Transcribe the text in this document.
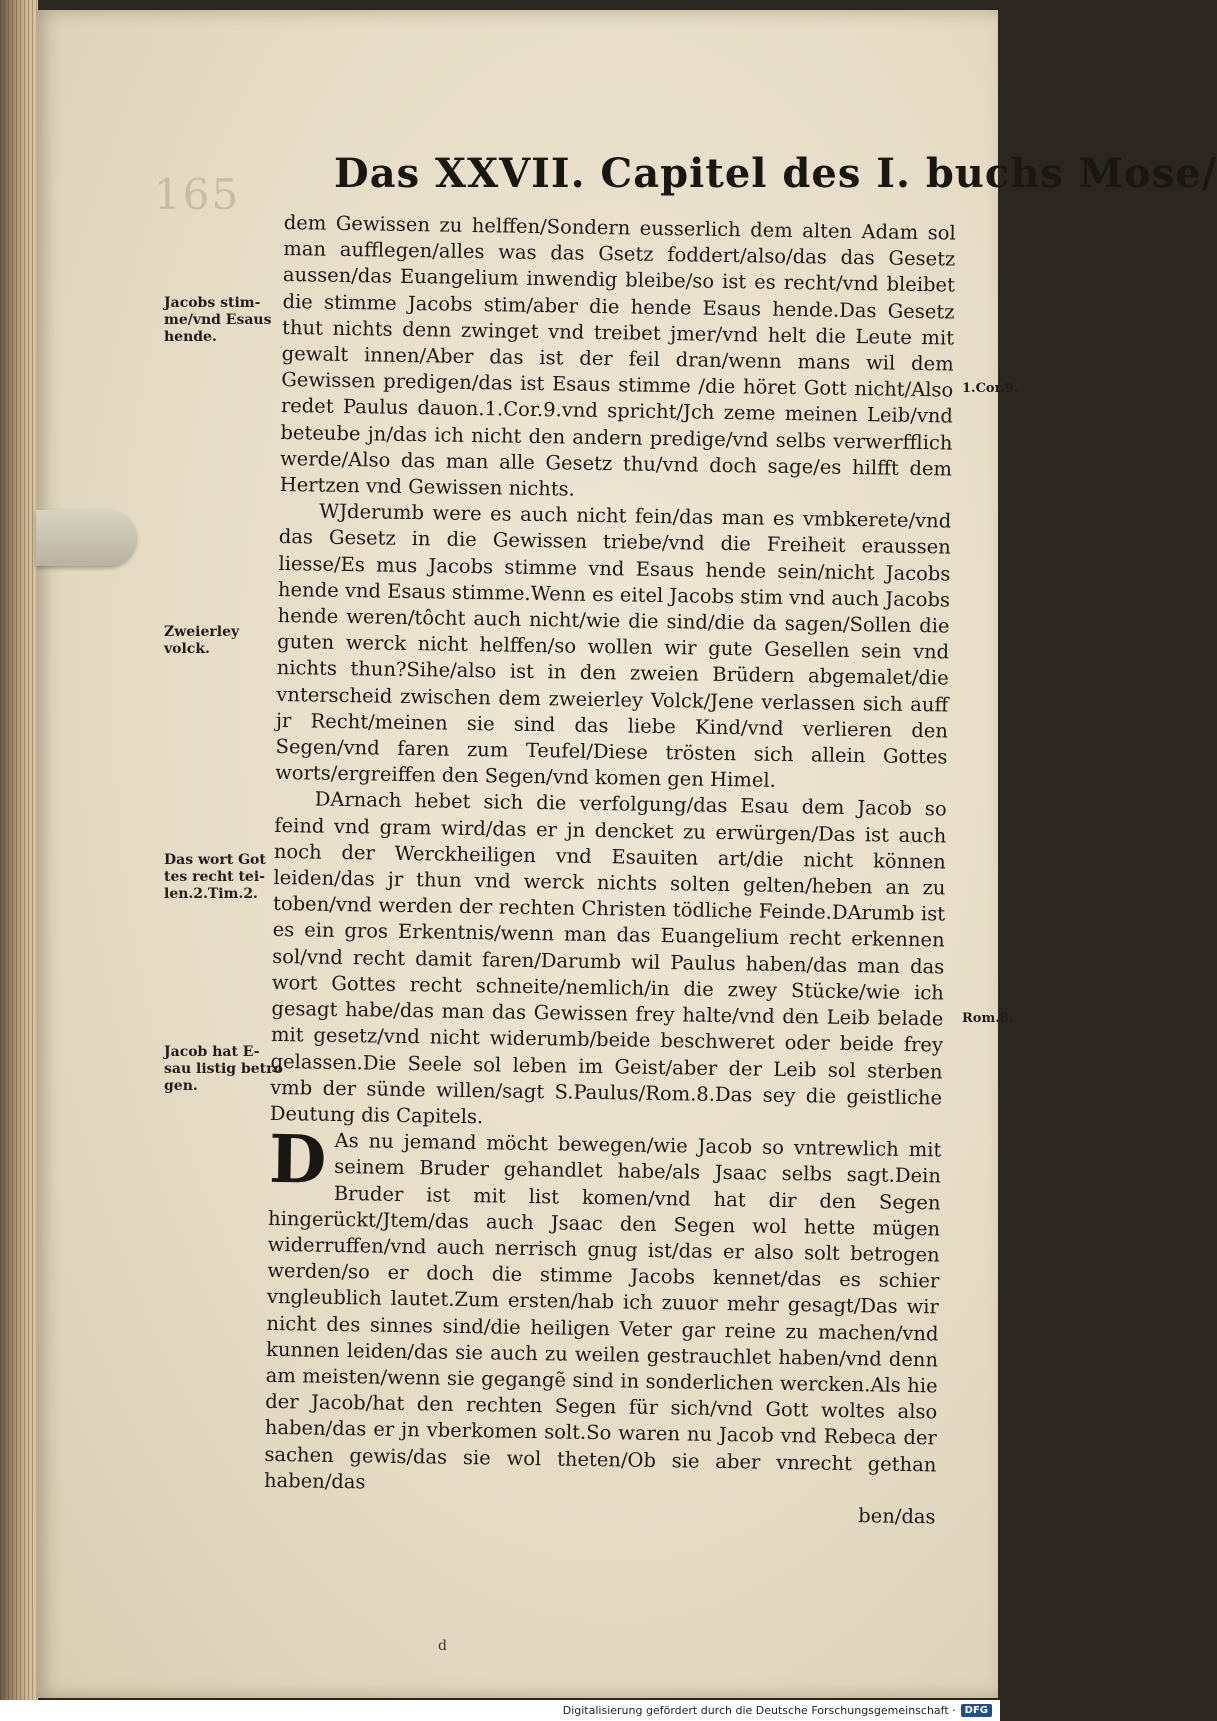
165 Das XXVII. Capitel des I. buchs Mose/
Jacobs stim-
me/vnd Esaus
hende.
Zweierley
volck.
Das wort Got
tes recht tei-
len.2.Tim.2.
Jacob hat E-
sau listig betro
gen.
1.Cor.9.
Rom.8.

dem Gewissen zu helffen/Sondern eusserlich dem alten Adam sol man aufflegen/alles was das Gsetz foddert/also/das das Gesetz aussen/das Euangelium inwendig bleibe/so ist es recht/vnd bleibet die stimme Jacobs stim/aber die hende Esaus hende.Das Gesetz thut nichts denn zwinget vnd treibet jmer/vnd helt die Leute mit gewalt innen/Aber das ist der feil dran/wenn mans wil dem Gewissen predigen/das ist Esaus stimme /die höret Gott nicht/Also redet Paulus dauon.1.Cor.9.vnd spricht/Jch zeme meinen Leib/vnd beteube jn/das ich nicht den andern predige/vnd selbs verwerfflich werde/Also das man alle Gesetz thu/vnd doch sage/es hilfft dem Hertzen vnd Gewissen nichts.

WJderumb were es auch nicht fein/das man es vmbkerete/vnd das Gesetz in die Gewissen triebe/vnd die Freiheit eraussen liesse/Es mus Jacobs stimme vnd Esaus hende sein/nicht Jacobs hende vnd Esaus stimme.Wenn es eitel Jacobs stim vnd auch Jacobs hende weren/tôcht auch nicht/wie die sind/die da sagen/Sollen die guten werck nicht helffen/so wollen wir gute Gesellen sein vnd nichts thun?Sihe/also ist in den zweien Brüdern abgemalet/die vnterscheid zwischen dem zweierley Volck/Jene verlassen sich auff jr Recht/meinen sie sind das liebe Kind/vnd verlieren den Segen/vnd faren zum Teufel/Diese trösten sich allein Gottes worts/ergreiffen den Segen/vnd komen gen Himel.

DArnach hebet sich die verfolgung/das Esau dem Jacob so feind vnd gram wird/das er jn dencket zu erwürgen/Das ist auch noch der Werckheiligen vnd Esauiten art/die nicht können leiden/das jr thun vnd werck nichts solten gelten/heben an zu toben/vnd werden der rechten Christen tödliche Feinde.DArumb ist es ein gros Erkentnis/wenn man das Euangelium recht erkennen sol/vnd recht damit faren/Darumb wil Paulus haben/das man das wort Gottes recht schneite/nemlich/in die zwey Stücke/wie ich gesagt habe/das man das Gewissen frey halte/vnd den Leib belade mit gesetz/vnd nicht widerumb/beide beschweret oder beide frey gelassen.Die Seele sol leben im Geist/aber der Leib sol sterben vmb der sünde willen/sagt S.Paulus/Rom.8.Das sey die geistliche Deutung dis Capitels.

D As nu jemand möcht bewegen/wie Jacob so vntrewlich mit seinem Bruder gehandlet habe/als Jsaac selbs sagt.Dein Bruder ist mit list komen/vnd hat dir den Segen hingerückt/Jtem/das auch Jsaac den Segen wol hette mügen widerruffen/vnd auch nerrisch gnug ist/das er also solt betrogen werden/so er doch die stimme Jacobs kennet/das es schier vngleublich lautet.Zum ersten/hab ich zuuor mehr gesagt/Das wir nicht des sinnes sind/die heiligen Veter gar reine zu machen/vnd kunnen leiden/das sie auch zu weilen gestrauchlet haben/vnd denn am meisten/wenn sie gegangẽ sind in sonderlichen wercken.Als hie der Jacob/hat den rechten Segen für sich/vnd Gott woltes also haben/das er jn vberkomen solt.So waren nu Jacob vnd Rebeca der sachen gewis/das sie wol theten/Ob sie aber vnrecht gethan haben/das

ben/das

d
Digitalisierung gefördert durch die Deutsche Forschungsgemeinschaft · DFG
